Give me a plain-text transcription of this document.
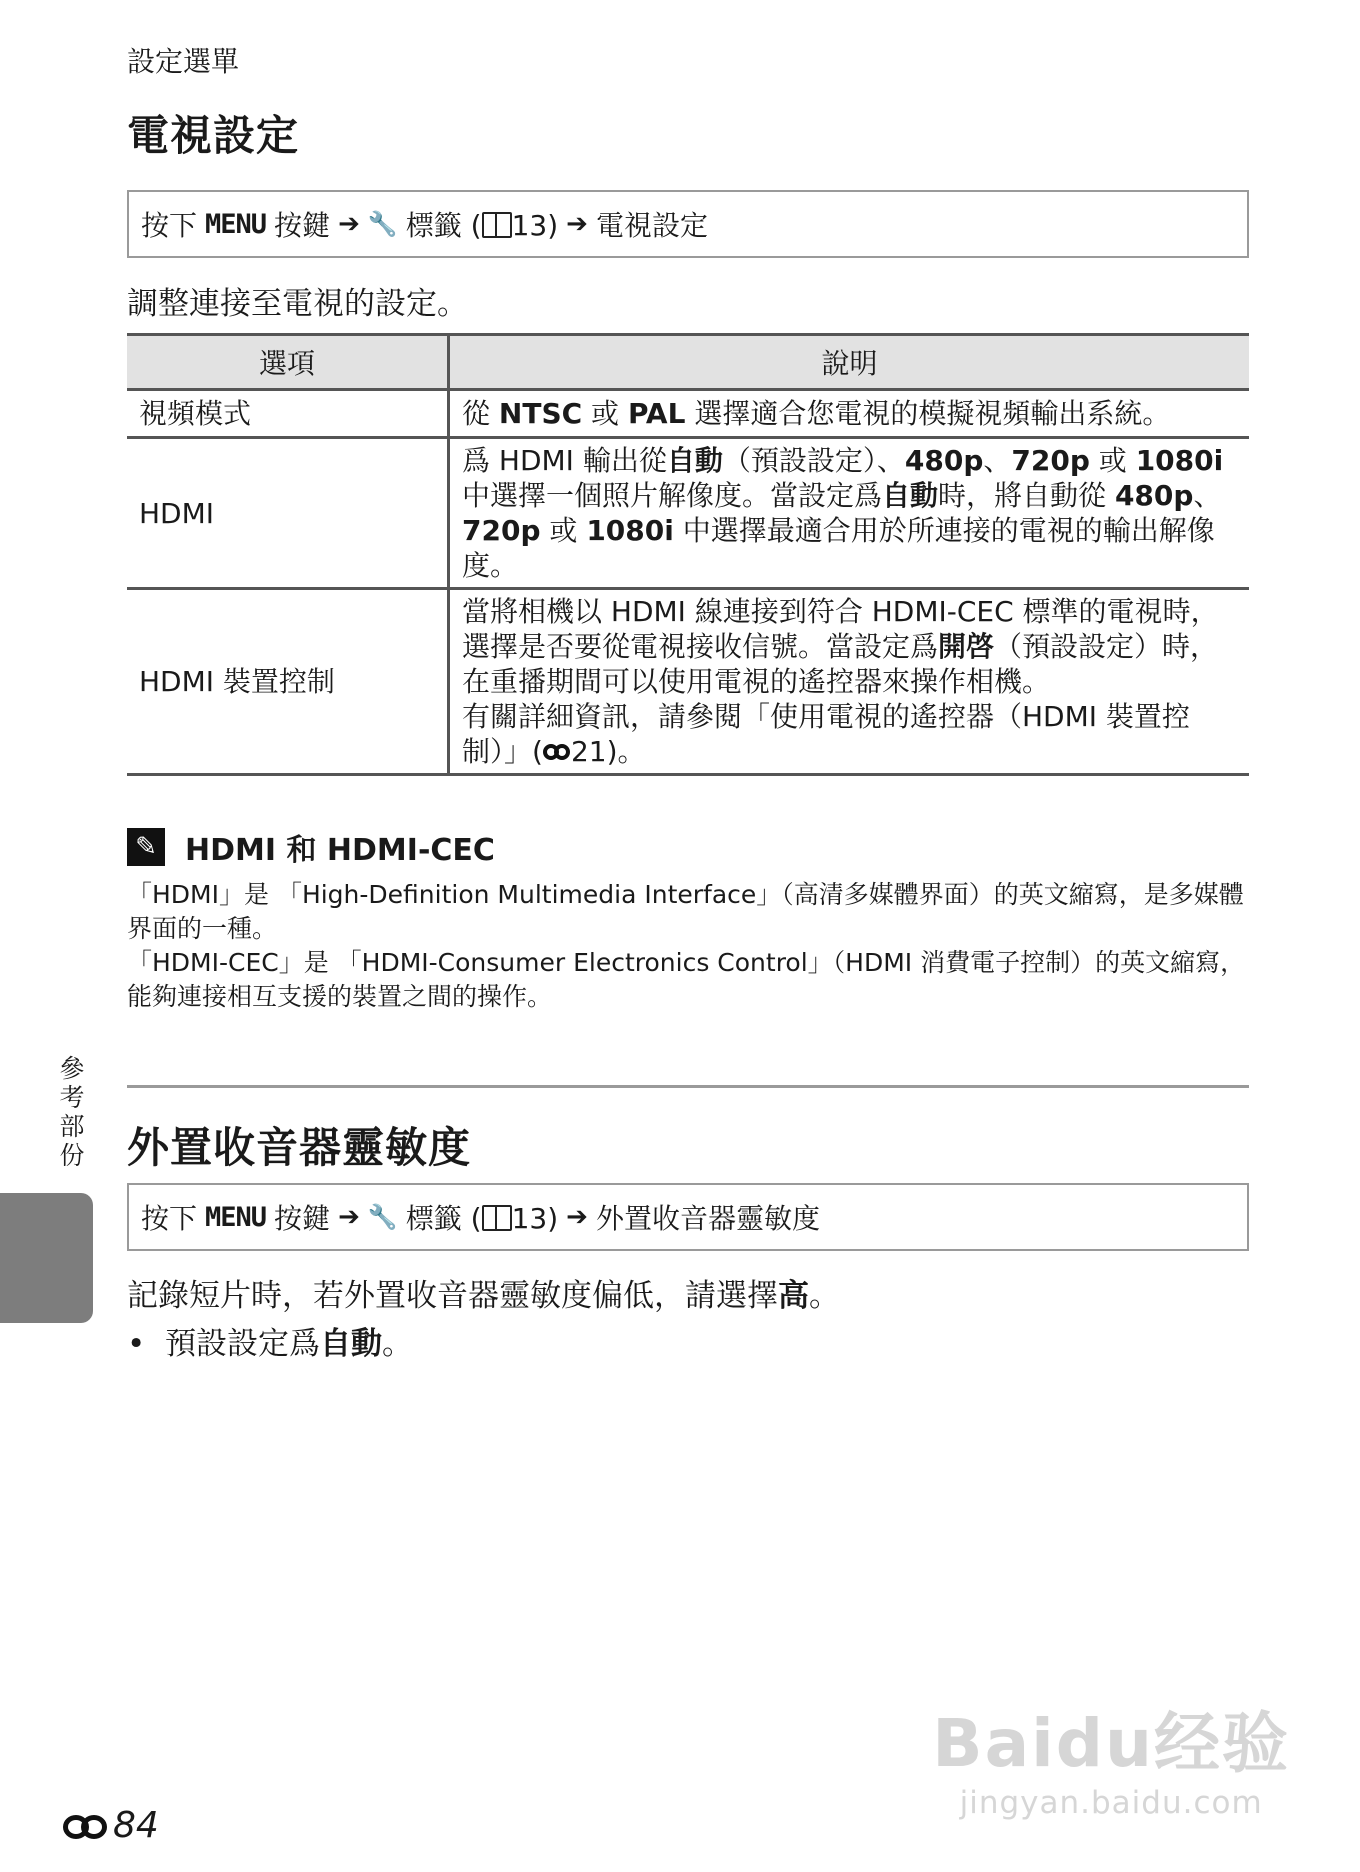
設定選單
電視設定
按下 MENU 按鍵 ➔ 🔧 標籤 ( 13) ➔ 電視設定
調整連接至電視的設定。
選項	說明
視頻模式	從 NTSC 或 PAL 選擇適合您電視的模擬視頻輸出系統。
HDMI	爲 HDMI 輸出從自動（預設設定）、480p、720p 或 1080i 中選擇一個照片解像度。當設定爲自動時，將自動從 480p、720p 或 1080i 中選擇最適合用於所連接的電視的輸出解像度。
HDMI 裝置控制	當將相機以 HDMI 線連接到符合 HDMI-CEC 標準的電視時，選擇是否要從電視接收信號。當設定爲開啓（預設設定）時，在重播期間可以使用電視的遙控器來操作相機。
有關詳細資訊，請參閱「使用電視的遙控器（HDMI 裝置控制）」( 21)。
✎ HDMI 和 HDMI-CEC
「HDMI」是 「High-Definition Multimedia Interface」（高清多媒體界面）的英文縮寫，是多媒體界面的一種。
「HDMI-CEC」是 「HDMI-Consumer Electronics Control」（HDMI 消費電子控制）的英文縮寫，能夠連接相互支援的裝置之間的操作。
參考部份 外置收音器靈敏度
按下 MENU 按鍵 ➔ 🔧 標籤 ( 13) ➔ 外置收音器靈敏度
記錄短片時，若外置收音器靈敏度偏低，請選擇高。
•  預設設定爲自動。
84
Baidu经验
jingyan.baidu.com
